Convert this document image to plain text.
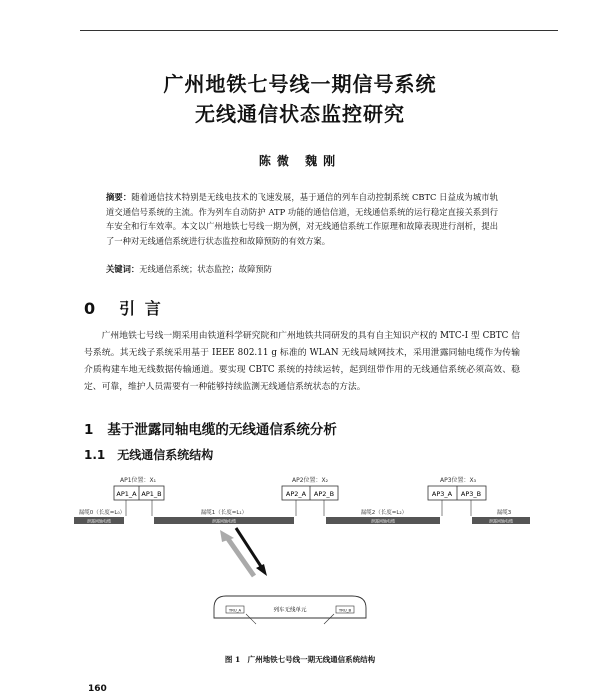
广州地铁七号线一期信号系统
无线通信状态监控研究
陈微 魏刚
摘要：随着通信技术特别是无线电技术的飞速发展，基于通信的列车自动控制系统 CBTC 日益成为城市轨道交通信号系统的主流。作为列车自动防护 ATP 功能的通信信道，无线通信系统的运行稳定直接关系到行车安全和行车效率。本文以广州地铁七号线一期为例，对无线通信系统工作原理和故障表现进行剖析，提出了一种对无线通信系统进行状态监控和故障预防的有效方案。
关键词：无线通信系统；状态监控；故障预防
0 引 言
广州地铁七号线一期采用由铁道科学研究院和广州地铁共同研发的具有自主知识产权的 MTC-I 型 CBTC 信号系统。其无线子系统采用基于 IEEE 802.11 g 标准的 WLAN 无线局域网技术，采用泄露同轴电缆作为传输介质构建车地无线数据传输通道。要实现 CBTC 系统的持续运转，起到纽带作用的无线通信系统必须高效、稳定、可靠，维护人员需要有一种能够持续监测无线通信系统状态的方法。
1 基于泄露同轴电缆的无线通信系统分析
1.1 无线通信系统结构
AP1位置：X₁	AP2位置：X₂	AP3位置：X₃
AP1_A AP1_B	AP2_A AP2_B	AP3_A AP3_B
漏缆0（长度=L₀）	漏缆1（长度=L₁）	漏缆2（长度=L₂）	漏缆3
泄露同轴电缆	泄露同轴电缆	泄露同轴电缆	泄露同轴电缆
TRU_A	TRU_B
列车无线单元
图 1　广州地铁七号线一期无线通信系统结构
160
